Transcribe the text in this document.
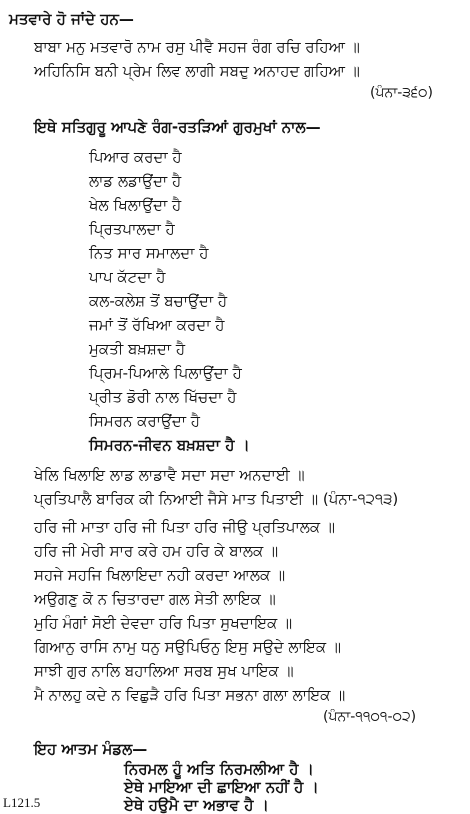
ਮਤਵਾਰੇ ਹੋ ਜਾਂਦੇ ਹਨ—
ਬਾਬਾ ਮਨੁ ਮਤਵਾਰੋ ਨਾਮ ਰਸੁ ਪੀਵੈ ਸਹਜ ਰੰਗ ਰਚਿ ਰਹਿਆ ॥
ਅਹਿਨਿਸਿ ਬਨੀ ਪ੍ਰੇਮ ਲਿਵ ਲਾਗੀ ਸਬਦੁ ਅਨਾਹਦ ਗਹਿਆ ॥
(ਪੰਨਾ-੩੬੦)
ਇਥੇ ਸਤਿਗੁਰੂ ਆਪਣੇ ਰੰਗ-ਰਤੜਿਆਂ ਗੁਰਮੁਖਾਂ ਨਾਲ—
ਪਿਆਰ ਕਰਦਾ ਹੈ
ਲਾਡ ਲਡਾਉਂਦਾ ਹੈ
ਖੇਲ ਖਿਲਾਉਂਦਾ ਹੈ
ਪ੍ਰਿਤਪਾਲਦਾ ਹੈ
ਨਿਤ ਸਾਰ ਸਮਾਲਦਾ ਹੈ
ਪਾਪ ਕੱਟਦਾ ਹੈ
ਕਲ-ਕਲੇਸ਼ ਤੋਂ ਬਚਾਉਂਦਾ ਹੈ
ਜਮਾਂ ਤੋਂ ਰੱਖਿਆ ਕਰਦਾ ਹੈ
ਮੁਕਤੀ ਬਖ਼ਸ਼ਦਾ ਹੈ
ਪ੍ਰਿਮ-ਪਿਆਲੇ ਪਿਲਾਉਂਦਾ ਹੈ
ਪ੍ਰੀਤ ਡੋਰੀ ਨਾਲ ਖਿੱਚਦਾ ਹੈ
ਸਿਮਰਨ ਕਰਾਉਂਦਾ ਹੈ
ਸਿਮਰਨ-ਜੀਵਨ ਬਖ਼ਸ਼ਦਾ ਹੈ ।
ਖੇਲਿ ਖਿਲਾਇ ਲਾਡ ਲਾਡਾਵੈ ਸਦਾ ਸਦਾ ਅਨਦਾਈ ॥
ਪ੍ਰਤਿਪਾਲੈ ਬਾਰਿਕ ਕੀ ਨਿਆਈ ਜੈਸੇ ਮਾਤ ਪਿਤਾਈ ॥ (ਪੰਨਾ-੧੨੧੩)
ਹਰਿ ਜੀ ਮਾਤਾ ਹਰਿ ਜੀ ਪਿਤਾ ਹਰਿ ਜੀਉ ਪ੍ਰਤਿਪਾਲਕ ॥
ਹਰਿ ਜੀ ਮੇਰੀ ਸਾਰ ਕਰੇ ਹਮ ਹਰਿ ਕੇ ਬਾਲਕ ॥
ਸਹਜੇ ਸਹਜਿ ਖਿਲਾਇਦਾ ਨਹੀ ਕਰਦਾ ਆਲਕ ॥
ਅਉਗਣੁ ਕੋ ਨ ਚਿਤਾਰਦਾ ਗਲ ਸੇਤੀ ਲਾਇਕ ॥
ਮੁਹਿ ਮੰਗਾਂ ਸੋਈ ਦੇਵਦਾ ਹਰਿ ਪਿਤਾ ਸੁਖਦਾਇਕ ॥
ਗਿਆਨੁ ਰਾਸਿ ਨਾਮੁ ਧਨੁ ਸਉਪਿਓਨੁ ਇਸੁ ਸਉਦੇ ਲਾਇਕ ॥
ਸਾਝੀ ਗੁਰ ਨਾਲਿ ਬਹਾਲਿਆ ਸਰਬ ਸੁਖ ਪਾਇਕ ॥
ਮੈ ਨਾਲਹੁ ਕਦੇ ਨ ਵਿਛੁੜੈ ਹਰਿ ਪਿਤਾ ਸਭਨਾ ਗਲਾ ਲਾਇਕ ॥
(ਪੰਨਾ-੧੧੦੧-੦੨)
ਇਹ ਆਤਮ ਮੰਡਲ—
ਨਿਰਮਲ ਹੂੰ ਅਤਿ ਨਿਰਮਲੀਆ ਹੈ ।
ਏਥੇ ਮਾਇਆ ਦੀ ਛਾਇਆ ਨਹੀਂ ਹੈ ।
ਏਥੇ ਹਉਮੈ ਦਾ ਅਭਾਵ ਹੈ ।
L121.5
